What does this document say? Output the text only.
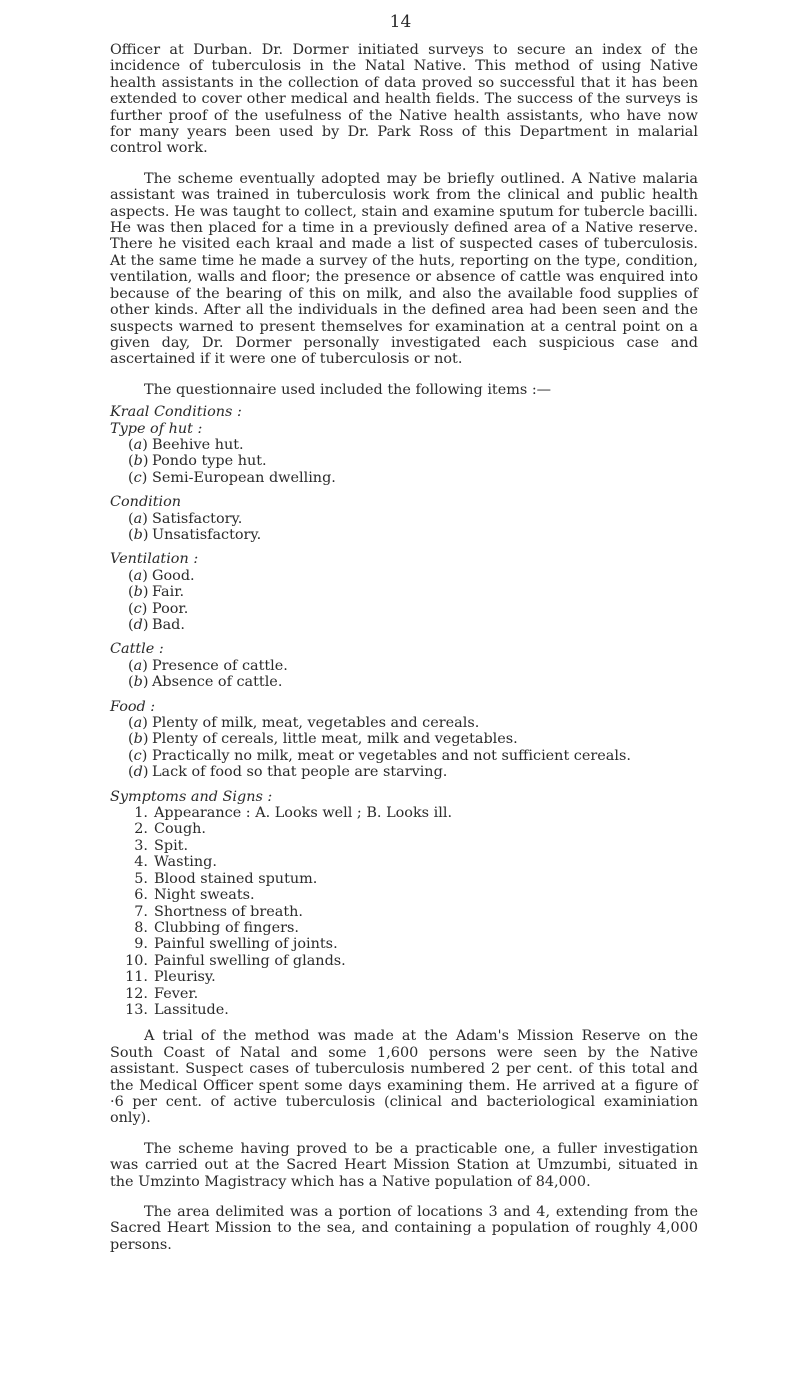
14

Officer at Durban. Dr. Dormer initiated surveys to secure an index of the incidence of tuberculosis in the Natal Native. This method of using Native health assistants in the collection of data proved so successful that it has been extended to cover other medical and health fields. The success of the surveys is further proof of the usefulness of the Native health assistants, who have now for many years been used by Dr. Park Ross of this Department in malarial control work.

The scheme eventually adopted may be briefly outlined. A Native malaria assistant was trained in tuberculosis work from the clinical and public health aspects. He was taught to collect, stain and examine sputum for tubercle bacilli. He was then placed for a time in a previously defined area of a Native reserve. There he visited each kraal and made a list of suspected cases of tuberculosis. At the same time he made a survey of the huts, reporting on the type, condition, ventilation, walls and floor; the presence or absence of cattle was enquired into because of the bearing of this on milk, and also the available food supplies of other kinds. After all the individuals in the defined area had been seen and the suspects warned to present themselves for examination at a central point on a given day, Dr. Dormer personally investigated each suspicious case and ascertained if it were one of tuberculosis or not.

The questionnaire used included the following items :—

Kraal Conditions :
Type of hut :
(a) Beehive hut.
(b) Pondo type hut.
(c) Semi-European dwelling.
Condition
(a) Satisfactory.
(b) Unsatisfactory.
Ventilation :
(a) Good.
(b) Fair.
(c) Poor.
(d) Bad.
Cattle :
(a) Presence of cattle.
(b) Absence of cattle.
Food :
(a) Plenty of milk, meat, vegetables and cereals.
(b) Plenty of cereals, little meat, milk and vegetables.
(c) Practically no milk, meat or vegetables and not sufficient cereals.
(d) Lack of food so that people are starving.
Symptoms and Signs :
1. Appearance : A. Looks well ; B. Looks ill.
2. Cough.
3. Spit.
4. Wasting.
5. Blood stained sputum.
6. Night sweats.
7. Shortness of breath.
8. Clubbing of fingers.
9. Painful swelling of joints.
10. Painful swelling of glands.
11. Pleurisy.
12. Fever.
13. Lassitude.

A trial of the method was made at the Adam's Mission Reserve on the South Coast of Natal and some 1,600 persons were seen by the Native assistant. Suspect cases of tuberculosis numbered 2 per cent. of this total and the Medical Officer spent some days examining them. He arrived at a figure of ·6 per cent. of active tuberculosis (clinical and bacteriological examiniation only).

The scheme having proved to be a practicable one, a fuller investigation was carried out at the Sacred Heart Mission Station at Umzumbi, situated in the Umzinto Magistracy which has a Native population of 84,000.

The area delimited was a portion of locations 3 and 4, extending from the Sacred Heart Mission to the sea, and containing a population of roughly 4,000 persons.
